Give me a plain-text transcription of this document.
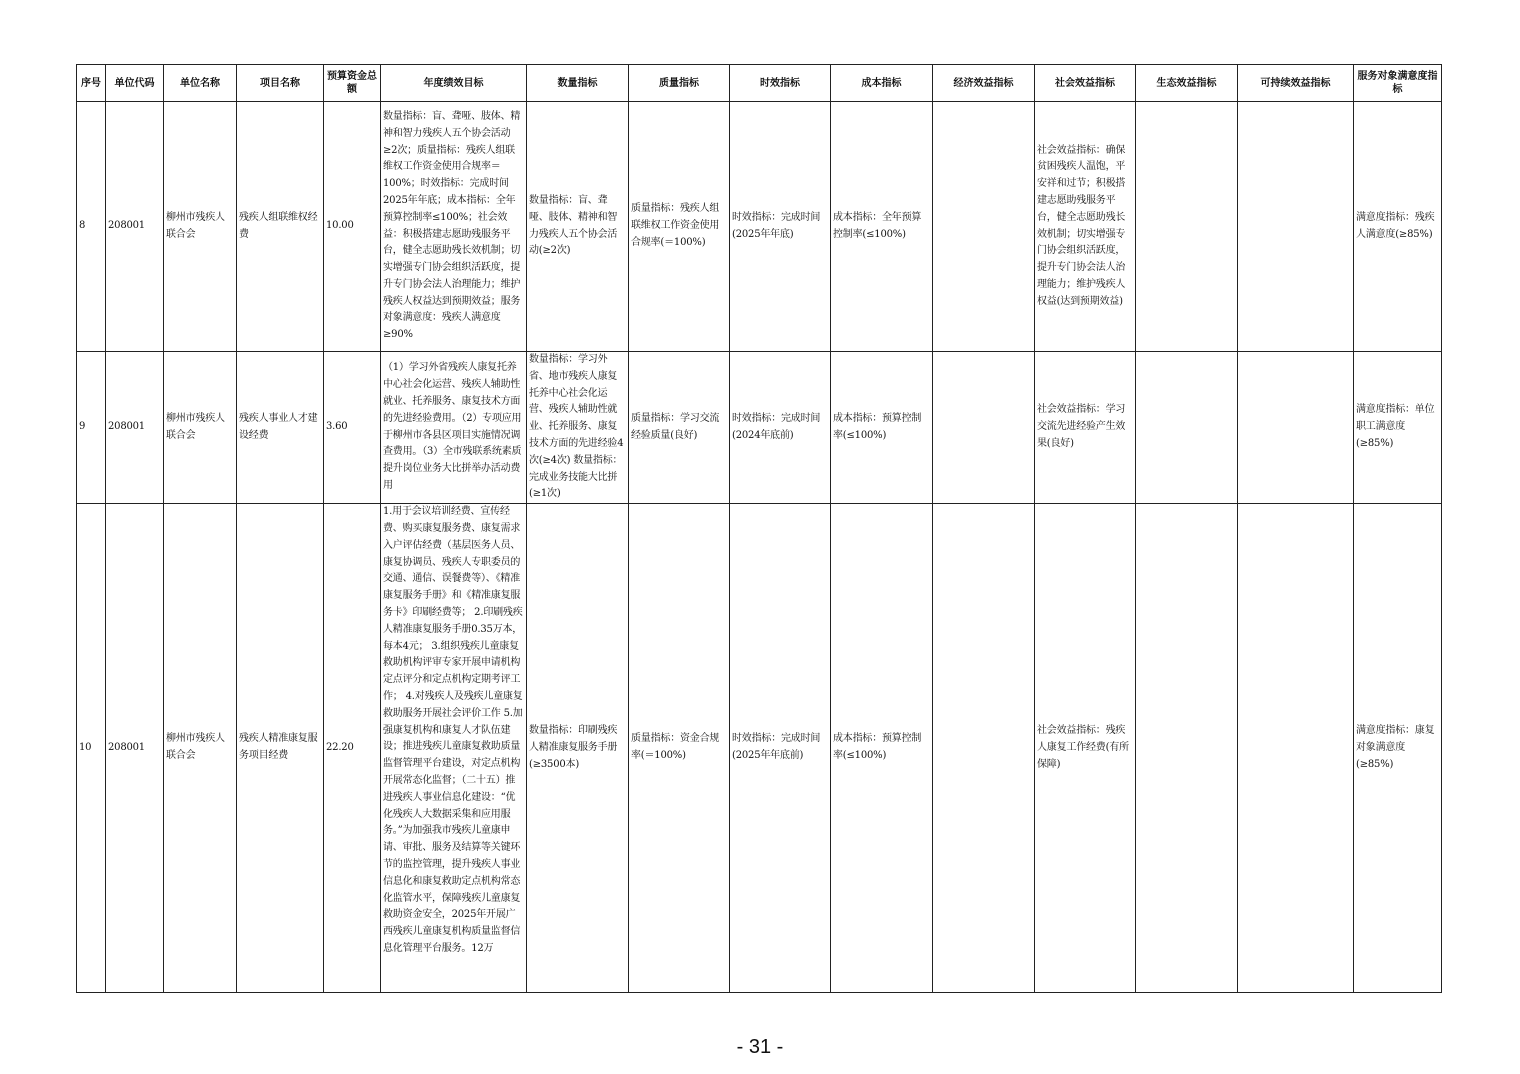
序号	单位代码	单位名称	项目名称	预算资金总额	年度绩效目标	数量指标	质量指标	时效指标	成本指标	经济效益指标	社会效益指标	生态效益指标	可持续效益指标	服务对象满意度指标
8	208001	柳州市残疾人联合会	残疾人组联维权经费	10.00	数量指标：盲、聋哑、肢体、精神和智力残疾人五个协会活动≥2次；质量指标：残疾人组联维权工作资金使用合规率＝100%；时效指标：完成时间2025年年底；成本指标：全年预算控制率≤100%；社会效益：积极搭建志愿助残服务平台，健全志愿助残长效机制；切实增强专门协会组织活跃度，提升专门协会法人治理能力；维护残疾人权益达到预期效益；服务对象满意度：残疾人满意度≥90%	数量指标：盲、聋哑、肢体、精神和智力残疾人五个协会活动(≥2次)	质量指标：残疾人组联维权工作资金使用合规率(＝100%)	时效指标：完成时间(2025年年底)	成本指标：全年预算控制率(≤100%)		社会效益指标：确保贫困残疾人温饱，平安祥和过节；积极搭建志愿助残服务平台，健全志愿助残长效机制；切实增强专门协会组织活跃度，提升专门协会法人治理能力；维护残疾人权益(达到预期效益)			满意度指标：残疾人满意度(≥85%)
9	208001	柳州市残疾人联合会	残疾人事业人才建设经费	3.60	（1）学习外省残疾人康复托养中心社会化运营、残疾人辅助性就业、托养服务、康复技术方面的先进经验费用。（2）专项应用于柳州市各县区项目实施情况调查费用。（3）全市残联系统素质提升岗位业务大比拼举办活动费用	数量指标：学习外省、地市残疾人康复托养中心社会化运营、残疾人辅助性就业、托养服务、康复技术方面的先进经验4次(≥4次) 数量指标：完成业务技能大比拼(≥1次)	质量指标：学习交流经验质量(良好)	时效指标：完成时间(2024年底前)	成本指标：预算控制率(≤100%)		社会效益指标：学习交流先进经验产生效果(良好)			满意度指标：单位职工满意度(≥85%)
10	208001	柳州市残疾人联合会	残疾人精准康复服务项目经费	22.20	1.用于会议培训经费、宣传经费、购买康复服务费、康复需求入户评估经费（基层医务人员、康复协调员、残疾人专职委员的交通、通信、误餐费等）、《精准康复服务手册》和《精准康复服务卡》印刷经费等； 2.印刷残疾人精准康复服务手册0.35万本，每本4元； 3.组织残疾儿童康复救助机构评审专家开展申请机构定点评分和定点机构定期考评工作； 4.对残疾人及残疾儿童康复救助服务开展社会评价工作 5.加强康复机构和康复人才队伍建设；推进残疾儿童康复救助质量监督管理平台建设，对定点机构开展常态化监督；（二十五）推进残疾人事业信息化建设：“优化残疾人大数据采集和应用服务。”为加强我市残疾儿童康申请、审批、服务及结算等关键环节的监控管理，提升残疾人事业信息化和康复救助定点机构常态化监管水平，保障残疾儿童康复救助资金安全，2025年开展广西残疾儿童康复机构质量监督信息化管理平台服务。12万	数量指标：印刷残疾人精准康复服务手册(≥3500本)	质量指标：资金合规率(＝100%)	时效指标：完成时间(2025年年底前)	成本指标：预算控制率(≤100%)		社会效益指标：残疾人康复工作经费(有所保障)			满意度指标：康复对象满意度(≥85%)
- 31 -
